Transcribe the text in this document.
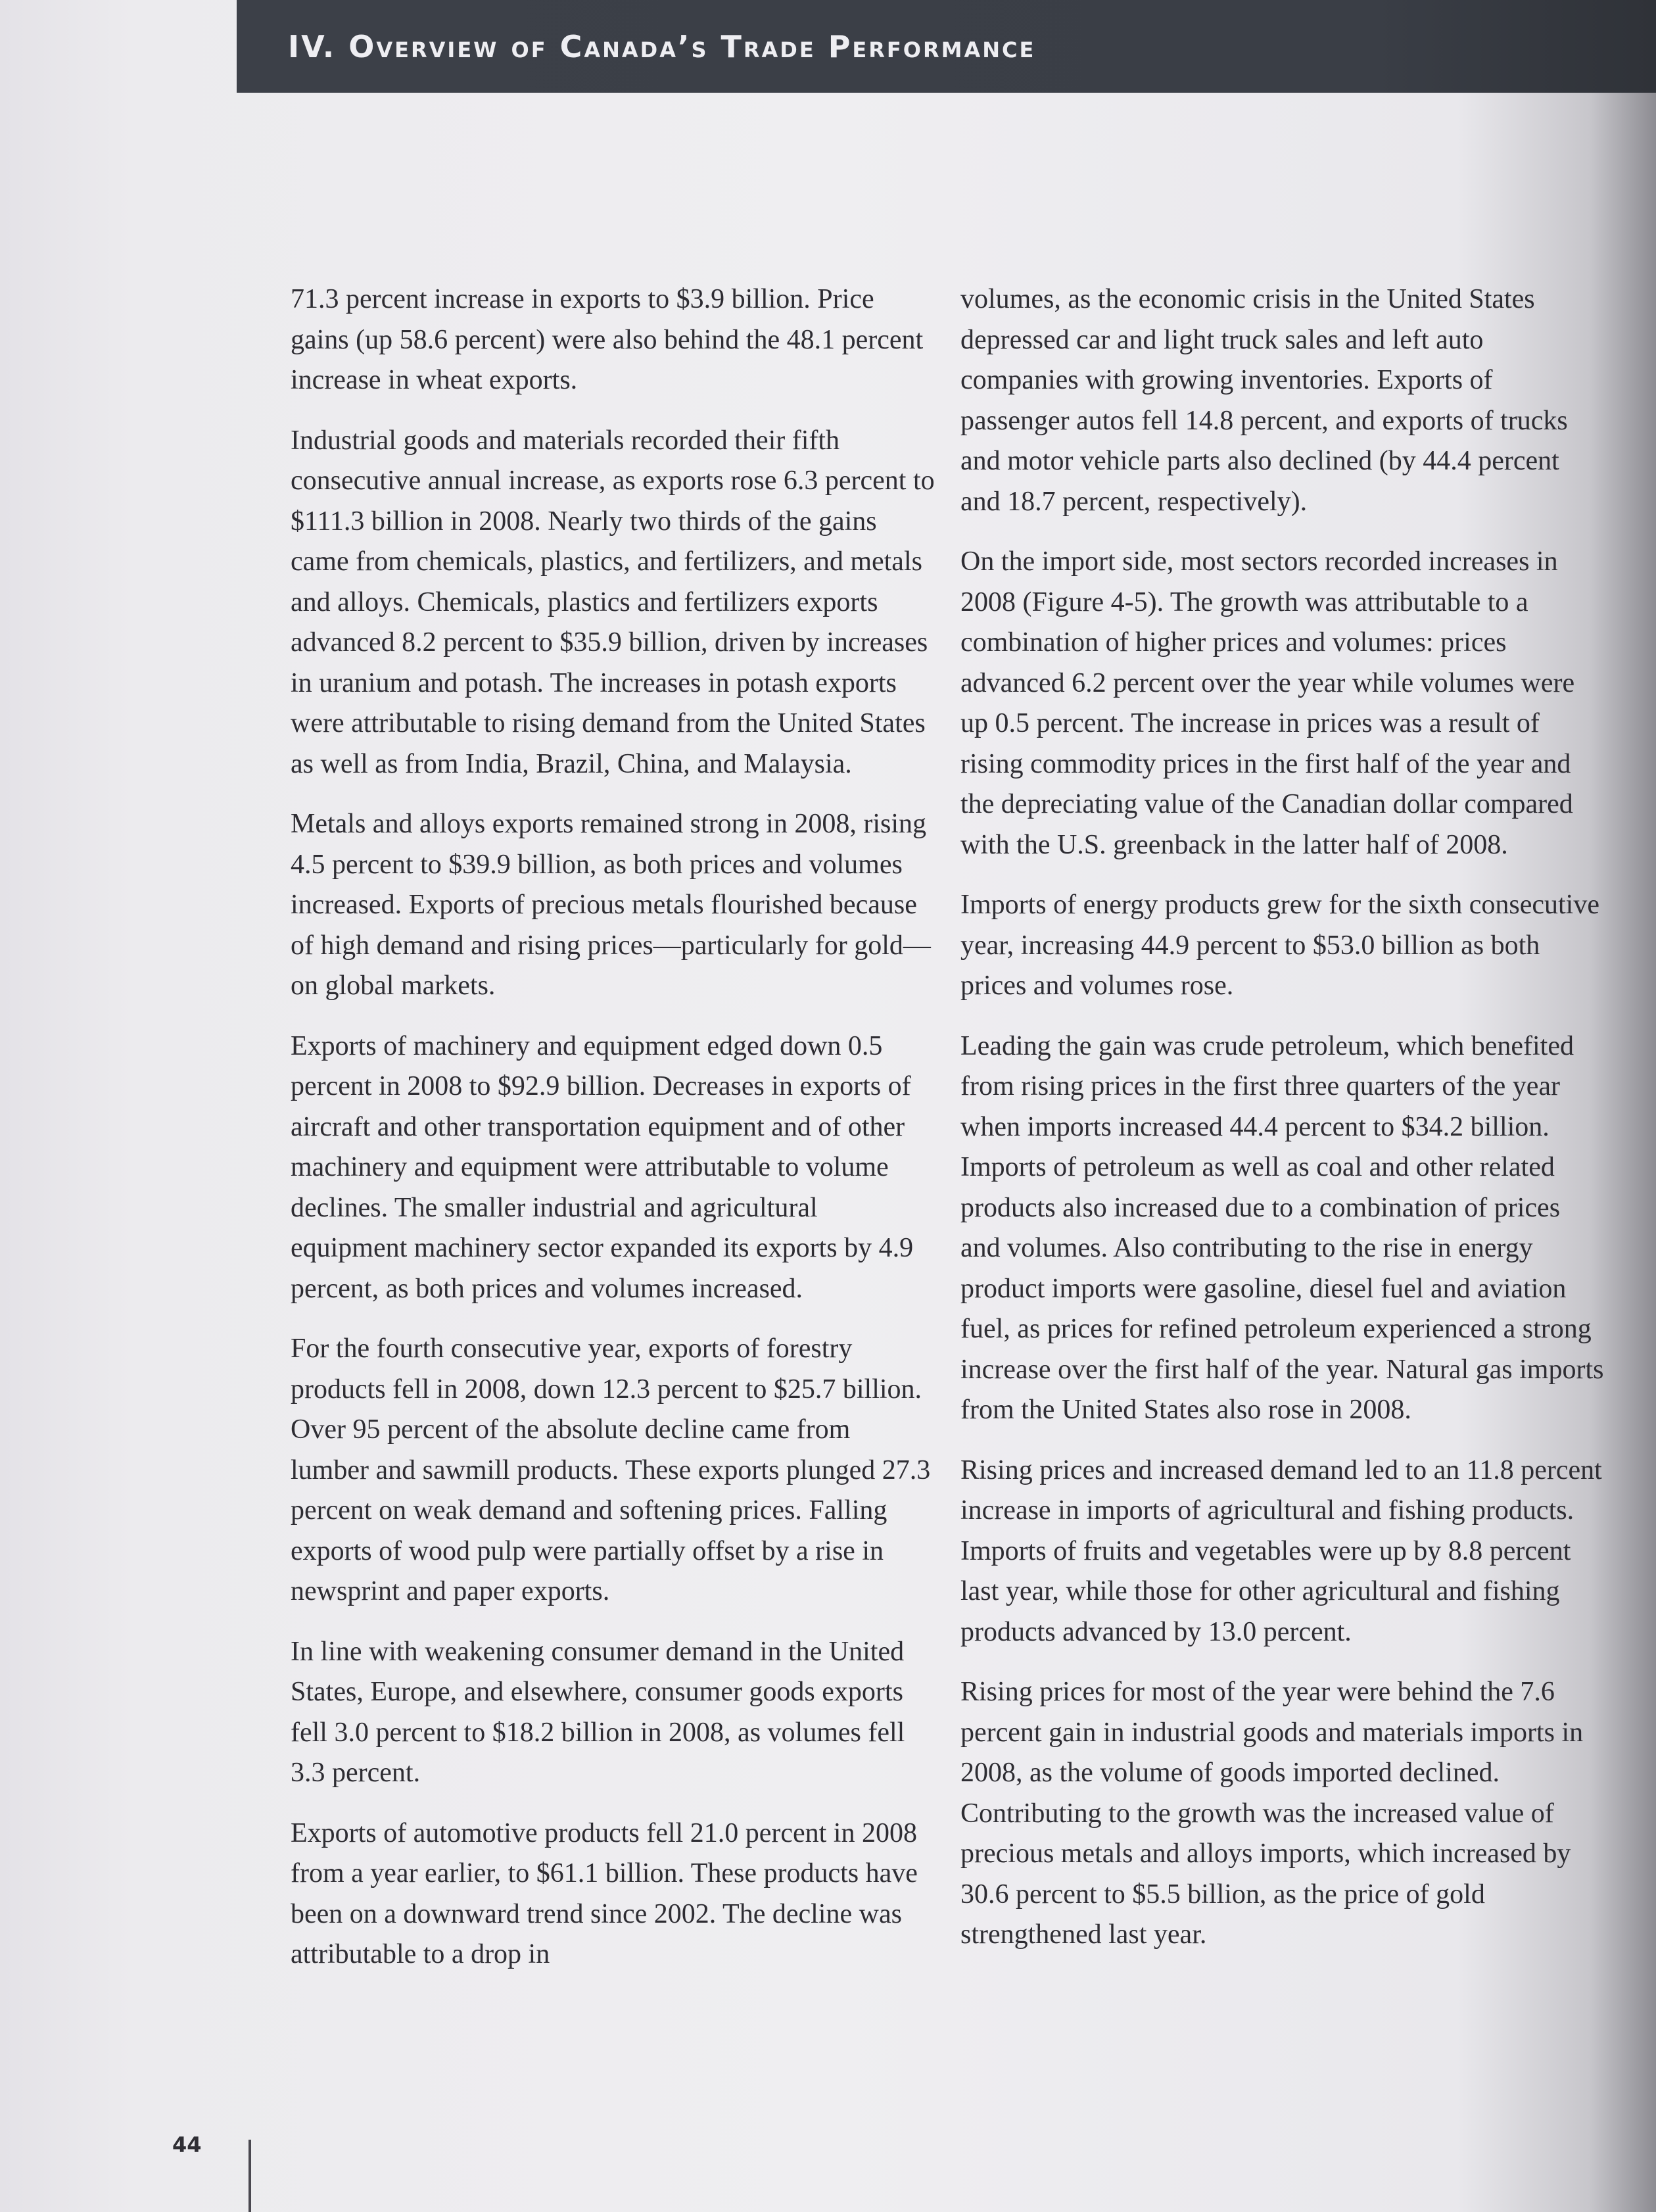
IV. Overview of Canada’s Trade Performance

71.3 percent increase in exports to $3.9 billion. Price gains (up 58.6 percent) were also behind the 48.1 percent increase in wheat exports.

Industrial goods and materials recorded their fifth consecutive annual increase, as exports rose 6.3 percent to $111.3 billion in 2008. Nearly two thirds of the gains came from chemicals, plastics, and fertilizers, and metals and alloys. Chemicals, plastics and fertilizers exports advanced 8.2 percent to $35.9 billion, driven by increases in uranium and potash. The increases in potash exports were attributable to rising demand from the United States as well as from India, Brazil, China, and Malaysia.

Metals and alloys exports remained strong in 2008, rising 4.5 percent to $39.9 billion, as both prices and volumes increased. Exports of precious metals flourished because of high demand and rising prices—particularly for gold—on global markets.

Exports of machinery and equipment edged down 0.5 percent in 2008 to $92.9 billion. Decreases in exports of aircraft and other transportation equipment and of other machinery and equipment were attributable to volume declines. The smaller industrial and agricultural equipment machinery sector expanded its exports by 4.9 percent, as both prices and volumes increased.

For the fourth consecutive year, exports of forestry products fell in 2008, down 12.3 percent to $25.7 billion. Over 95 percent of the absolute decline came from lumber and sawmill products. These exports plunged 27.3 percent on weak demand and softening prices. Falling exports of wood pulp were partially offset by a rise in newsprint and paper exports.

In line with weakening consumer demand in the United States, Europe, and elsewhere, consumer goods exports fell 3.0 percent to $18.2 billion in 2008, as volumes fell 3.3 percent.

Exports of automotive products fell 21.0 percent in 2008 from a year earlier, to $61.1 billion. These products have been on a downward trend since 2002. The decline was attributable to a drop in

volumes, as the economic crisis in the United States depressed car and light truck sales and left auto companies with growing inventories. Exports of passenger autos fell 14.8 percent, and exports of trucks and motor vehicle parts also declined (by 44.4 percent and 18.7 percent, respectively).

On the import side, most sectors recorded increases in 2008 (Figure 4-5). The growth was attributable to a combination of higher prices and volumes: prices advanced 6.2 percent over the year while volumes were up 0.5 percent. The increase in prices was a result of rising commodity prices in the first half of the year and the depreciating value of the Canadian dollar compared with the U.S. greenback in the latter half of 2008.

Imports of energy products grew for the sixth consecutive year, increasing 44.9 percent to $53.0 billion as both prices and volumes rose.

Leading the gain was crude petroleum, which benefited from rising prices in the first three quarters of the year when imports increased 44.4 percent to $34.2 billion. Imports of petroleum as well as coal and other related products also increased due to a combination of prices and volumes. Also contributing to the rise in energy product imports were gasoline, diesel fuel and aviation fuel, as prices for refined petroleum experienced a strong increase over the first half of the year. Natural gas imports from the United States also rose in 2008.

Rising prices and increased demand led to an 11.8 percent increase in imports of agricultural and fishing products. Imports of fruits and vegetables were up by 8.8 percent last year, while those for other agricultural and fishing products advanced by 13.0 percent.

Rising prices for most of the year were behind the 7.6 percent gain in industrial goods and materials imports in 2008, as the volume of goods imported declined. Contributing to the growth was the increased value of precious metals and alloys imports, which increased by 30.6 percent to $5.5 billion, as the price of gold strengthened last year.

44
